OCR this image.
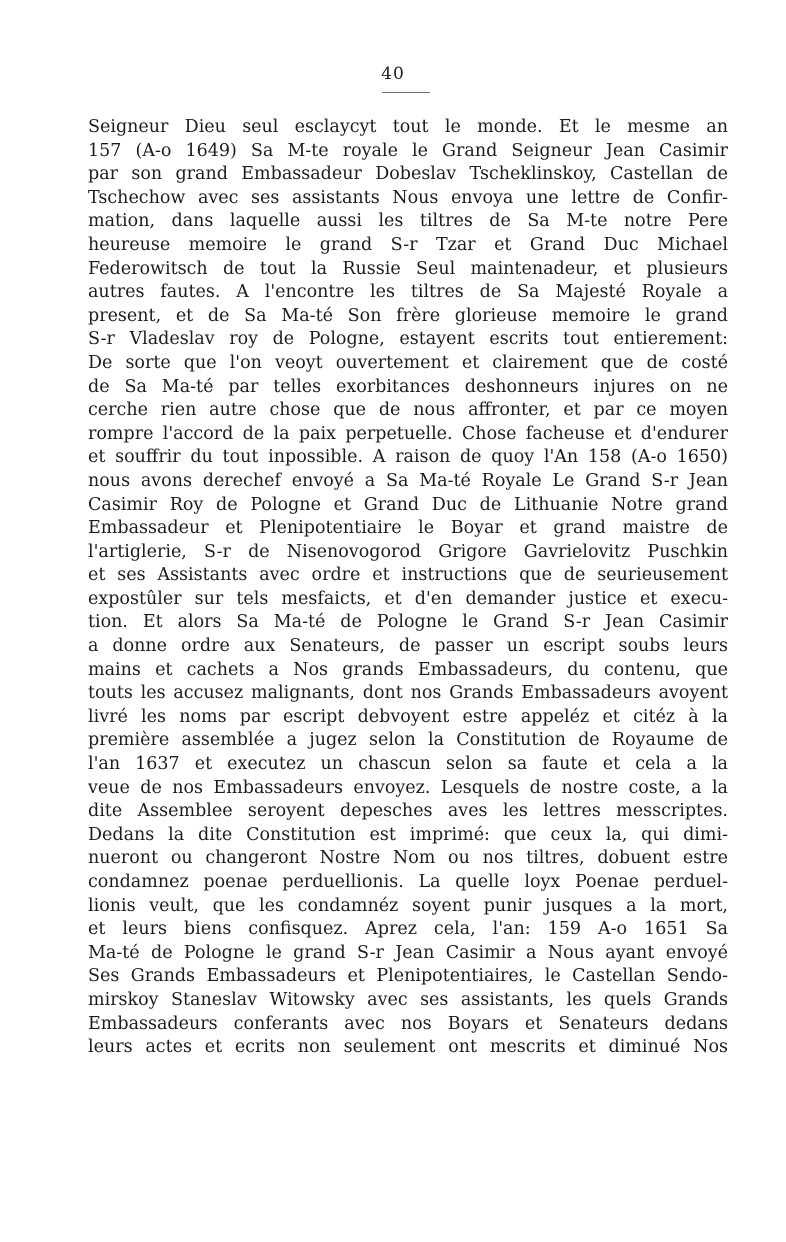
40
Seigneur Dieu seul esclaycyt tout le monde. Et le mesme an
157 (A-o 1649) Sa M-te royale le Grand Seigneur Jean Casimir
par son grand Embassadeur Dobeslav Tscheklinskoy, Castellan de
Tschechow avec ses assistants Nous envoya une lettre de Confir-
mation, dans laquelle aussi les tiltres de Sa M-te notre Pere
heureuse memoire le grand S-r Tzar et Grand Duc Michael
Federowitsch de tout la Russie Seul maintenadeur, et plusieurs
autres fautes. A l'encontre les tiltres de Sa Majesté Royale a
present, et de Sa Ma-té Son frère glorieuse memoire le grand
S-r Vladeslav roy de Pologne, estayent escrits tout entierement:
De sorte que l'on veoyt ouvertement et clairement que de costé
de Sa Ma-té par telles exorbitances deshonneurs injures on ne
cerche rien autre chose que de nous affronter, et par ce moyen
rompre l'accord de la paix perpetuelle. Chose facheuse et d'endurer
et souffrir du tout inpossible. A raison de quoy l'An 158 (A-o 1650)
nous avons derechef envoyé a Sa Ma-té Royale Le Grand S-r Jean
Casimir Roy de Pologne et Grand Duc de Lithuanie Notre grand
Embassadeur et Plenipotentiaire le Boyar et grand maistre de
l'artiglerie, S-r de Nisenovogorod Grigore Gavrielovitz Puschkin
et ses Assistants avec ordre et instructions que de seurieusement
expostûler sur tels mesfaicts, et d'en demander justice et execu-
tion. Et alors Sa Ma-té de Pologne le Grand S-r Jean Casimir
a donne ordre aux Senateurs, de passer un escript soubs leurs
mains et cachets a Nos grands Embassadeurs, du contenu, que
touts les accusez malignants, dont nos Grands Embassadeurs avoyent
livré les noms par escript debvoyent estre appeléz et citéz à la
première assemblée a jugez selon la Constitution de Royaume de
l'an 1637 et executez un chascun selon sa faute et cela a la
veue de nos Embassadeurs envoyez. Lesquels de nostre coste, a la
dite Assemblee seroyent depesches aves les lettres messcriptes.
Dedans la dite Constitution est imprimé: que ceux la, qui dimi-
nueront ou changeront Nostre Nom ou nos tiltres, dobuent estre
condamnez poenae perduellionis. La quelle loyx Poenae perduel-
lionis veult, que les condamnéz soyent punir jusques a la mort,
et leurs biens confisquez. Aprez cela, l'an: 159 A-o 1651 Sa
Ma-té de Pologne le grand S-r Jean Casimir a Nous ayant envoyé
Ses Grands Embassadeurs et Plenipotentiaires, le Castellan Sendo-
mirskoy Staneslav Witowsky avec ses assistants, les quels Grands
Embassadeurs conferants avec nos Boyars et Senateurs dedans
leurs actes et ecrits non seulement ont mescrits et diminué Nos
